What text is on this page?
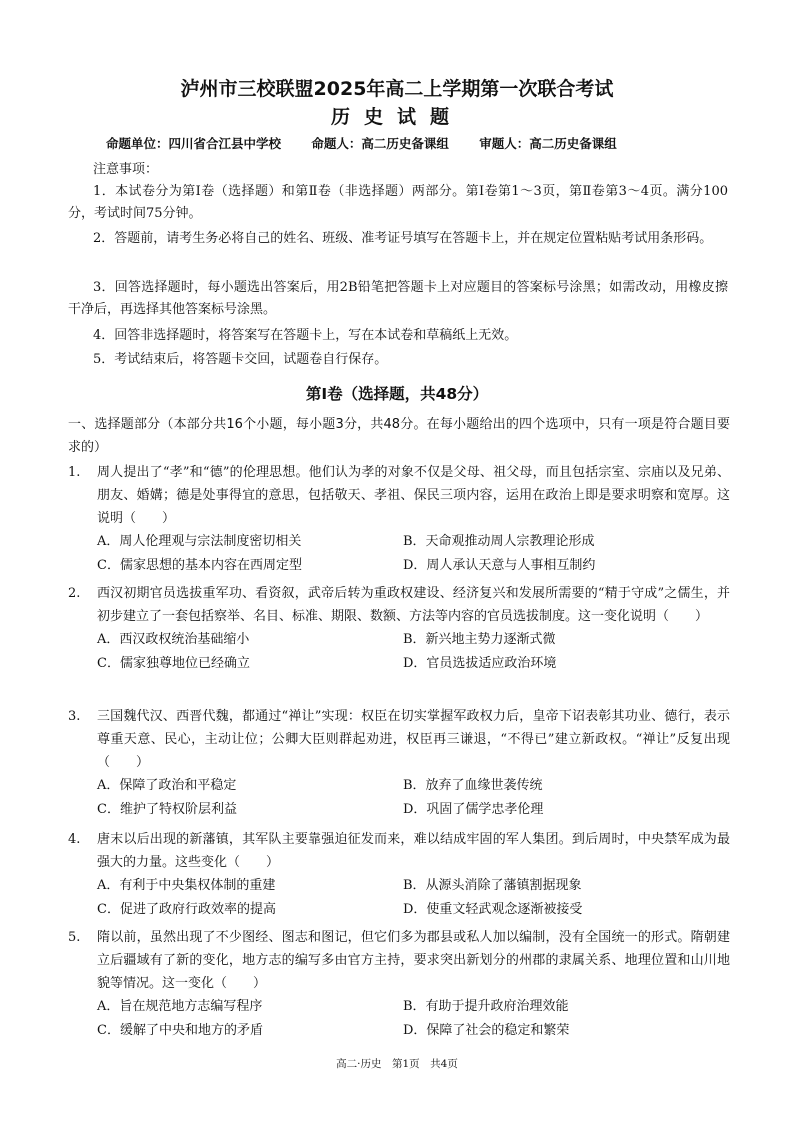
泸州市三校联盟2025年高二上学期第一次联合考试
历史试题
命题单位：四川省合江县中学校 命题人：高二历史备课组 审题人：高二历史备课组
注意事项：
1．本试卷分为第Ⅰ卷（选择题）和第Ⅱ卷（非选择题）两部分。第Ⅰ卷第1～3页，第Ⅱ卷第3～4页。满分100分，考试时间75分钟。
2．答题前，请考生务必将自己的姓名、班级、准考证号填写在答题卡上，并在规定位置粘贴考试用条形码。
3．回答选择题时，每小题选出答案后，用2B铅笔把答题卡上对应题目的答案标号涂黑；如需改动，用橡皮擦干净后，再选择其他答案标号涂黑。
4．回答非选择题时，将答案写在答题卡上，写在本试卷和草稿纸上无效。
5．考试结束后，将答题卡交回，试题卷自行保存。
第Ⅰ卷（选择题，共48分）
一、选择题部分（本部分共16个小题，每小题3分，共48分。在每小题给出的四个选项中，只有一项是符合题目要求的）
1. 周人提出了“孝”和“德”的伦理思想。他们认为孝的对象不仅是父母、祖父母，而且包括宗室、宗庙以及兄弟、朋友、婚媾；德是处事得宜的意思，包括敬天、孝祖、保民三项内容，运用在政治上即是要求明察和宽厚。这说明（　　）
A．周人伦理观与宗法制度密切相关	B．天命观推动周人宗教理论形成
C．儒家思想的基本内容在西周定型	D．周人承认天意与人事相互制约
2. 西汉初期官员选拔重军功、看资叙，武帝后转为重政权建设、经济复兴和发展所需要的“精于守成”之儒生，并初步建立了一套包括察举、名目、标准、期限、数额、方法等内容的官员选拔制度。这一变化说明（　　）
A．西汉政权统治基础缩小	B．新兴地主势力逐渐式微
C．儒家独尊地位已经确立	D．官员选拔适应政治环境
3. 三国魏代汉、西晋代魏，都通过“禅让”实现：权臣在切实掌握军政权力后，皇帝下诏表彰其功业、德行，表示尊重天意、民心，主动让位；公卿大臣则群起劝进，权臣再三谦退，“不得已”建立新政权。“禅让”反复出现（　　）
A．保障了政治和平稳定	B．放弃了血缘世袭传统
C．维护了特权阶层利益	D．巩固了儒学忠孝伦理
4. 唐末以后出现的新藩镇，其军队主要靠强迫征发而来，难以结成牢固的军人集团。到后周时，中央禁军成为最强大的力量。这些变化（　　）
A．有利于中央集权体制的重建	B．从源头消除了藩镇割据现象
C．促进了政府行政效率的提高	D．使重文轻武观念逐渐被接受
5. 隋以前，虽然出现了不少图经、图志和图记，但它们多为郡县或私人加以编制，没有全国统一的形式。隋朝建立后疆域有了新的变化，地方志的编写多由官方主持，要求突出新划分的州郡的隶属关系、地理位置和山川地貌等情况。这一变化（　　）
A．旨在规范地方志编写程序	B．有助于提升政府治理效能
C．缓解了中央和地方的矛盾	D．保障了社会的稳定和繁荣
高二·历史　第1页　共4页
